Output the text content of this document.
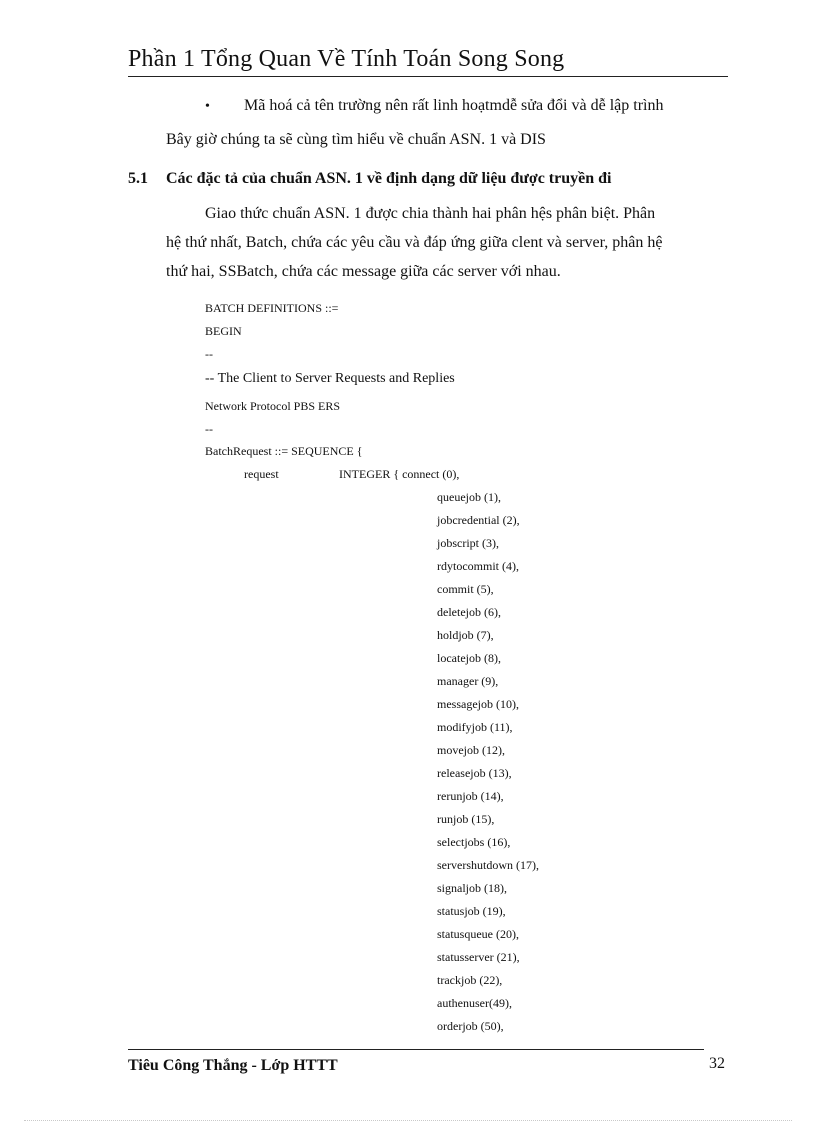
Phần 1 Tổng Quan Về Tính Toán Song Song
• Mã hoá cả tên trường nên rất linh hoạtmdễ sửa đổi và dễ lập trình
Bây giờ chúng ta sẽ cùng tìm hiểu về chuẩn ASN. 1 và DIS
5.1 Các đặc tả của chuẩn ASN. 1 về định dạng dữ liệu được truyền đi
Giao thức chuẩn ASN. 1 được chia thành hai phân hệs phân biệt. Phân
hệ thứ nhất, Batch, chứa các yêu cầu và đáp ứng giữa clent và server, phân hệ
thứ hai, SSBatch, chứa các message giữa các server với nhau.
BATCH DEFINITIONS ::=
BEGIN
--
-- The Client to Server Requests and Replies
Network Protocol PBS ERS
--
BatchRequest ::= SEQUENCE {
request	INTEGER { connect (0),
queuejob (1),
jobcredential (2),
jobscript (3),
rdytocommit (4),
commit (5),
deletejob (6),
holdjob (7),
locatejob (8),
manager (9),
messagejob (10),
modifyjob (11),
movejob (12),
releasejob (13),
rerunjob (14),
runjob (15),
selectjobs (16),
servershutdown (17),
signaljob (18),
statusjob (19),
statusqueue (20),
statusserver (21),
trackjob (22),
authenuser(49),
orderjob (50),
Tiêu Công Thắng - Lớp HTTT	32
